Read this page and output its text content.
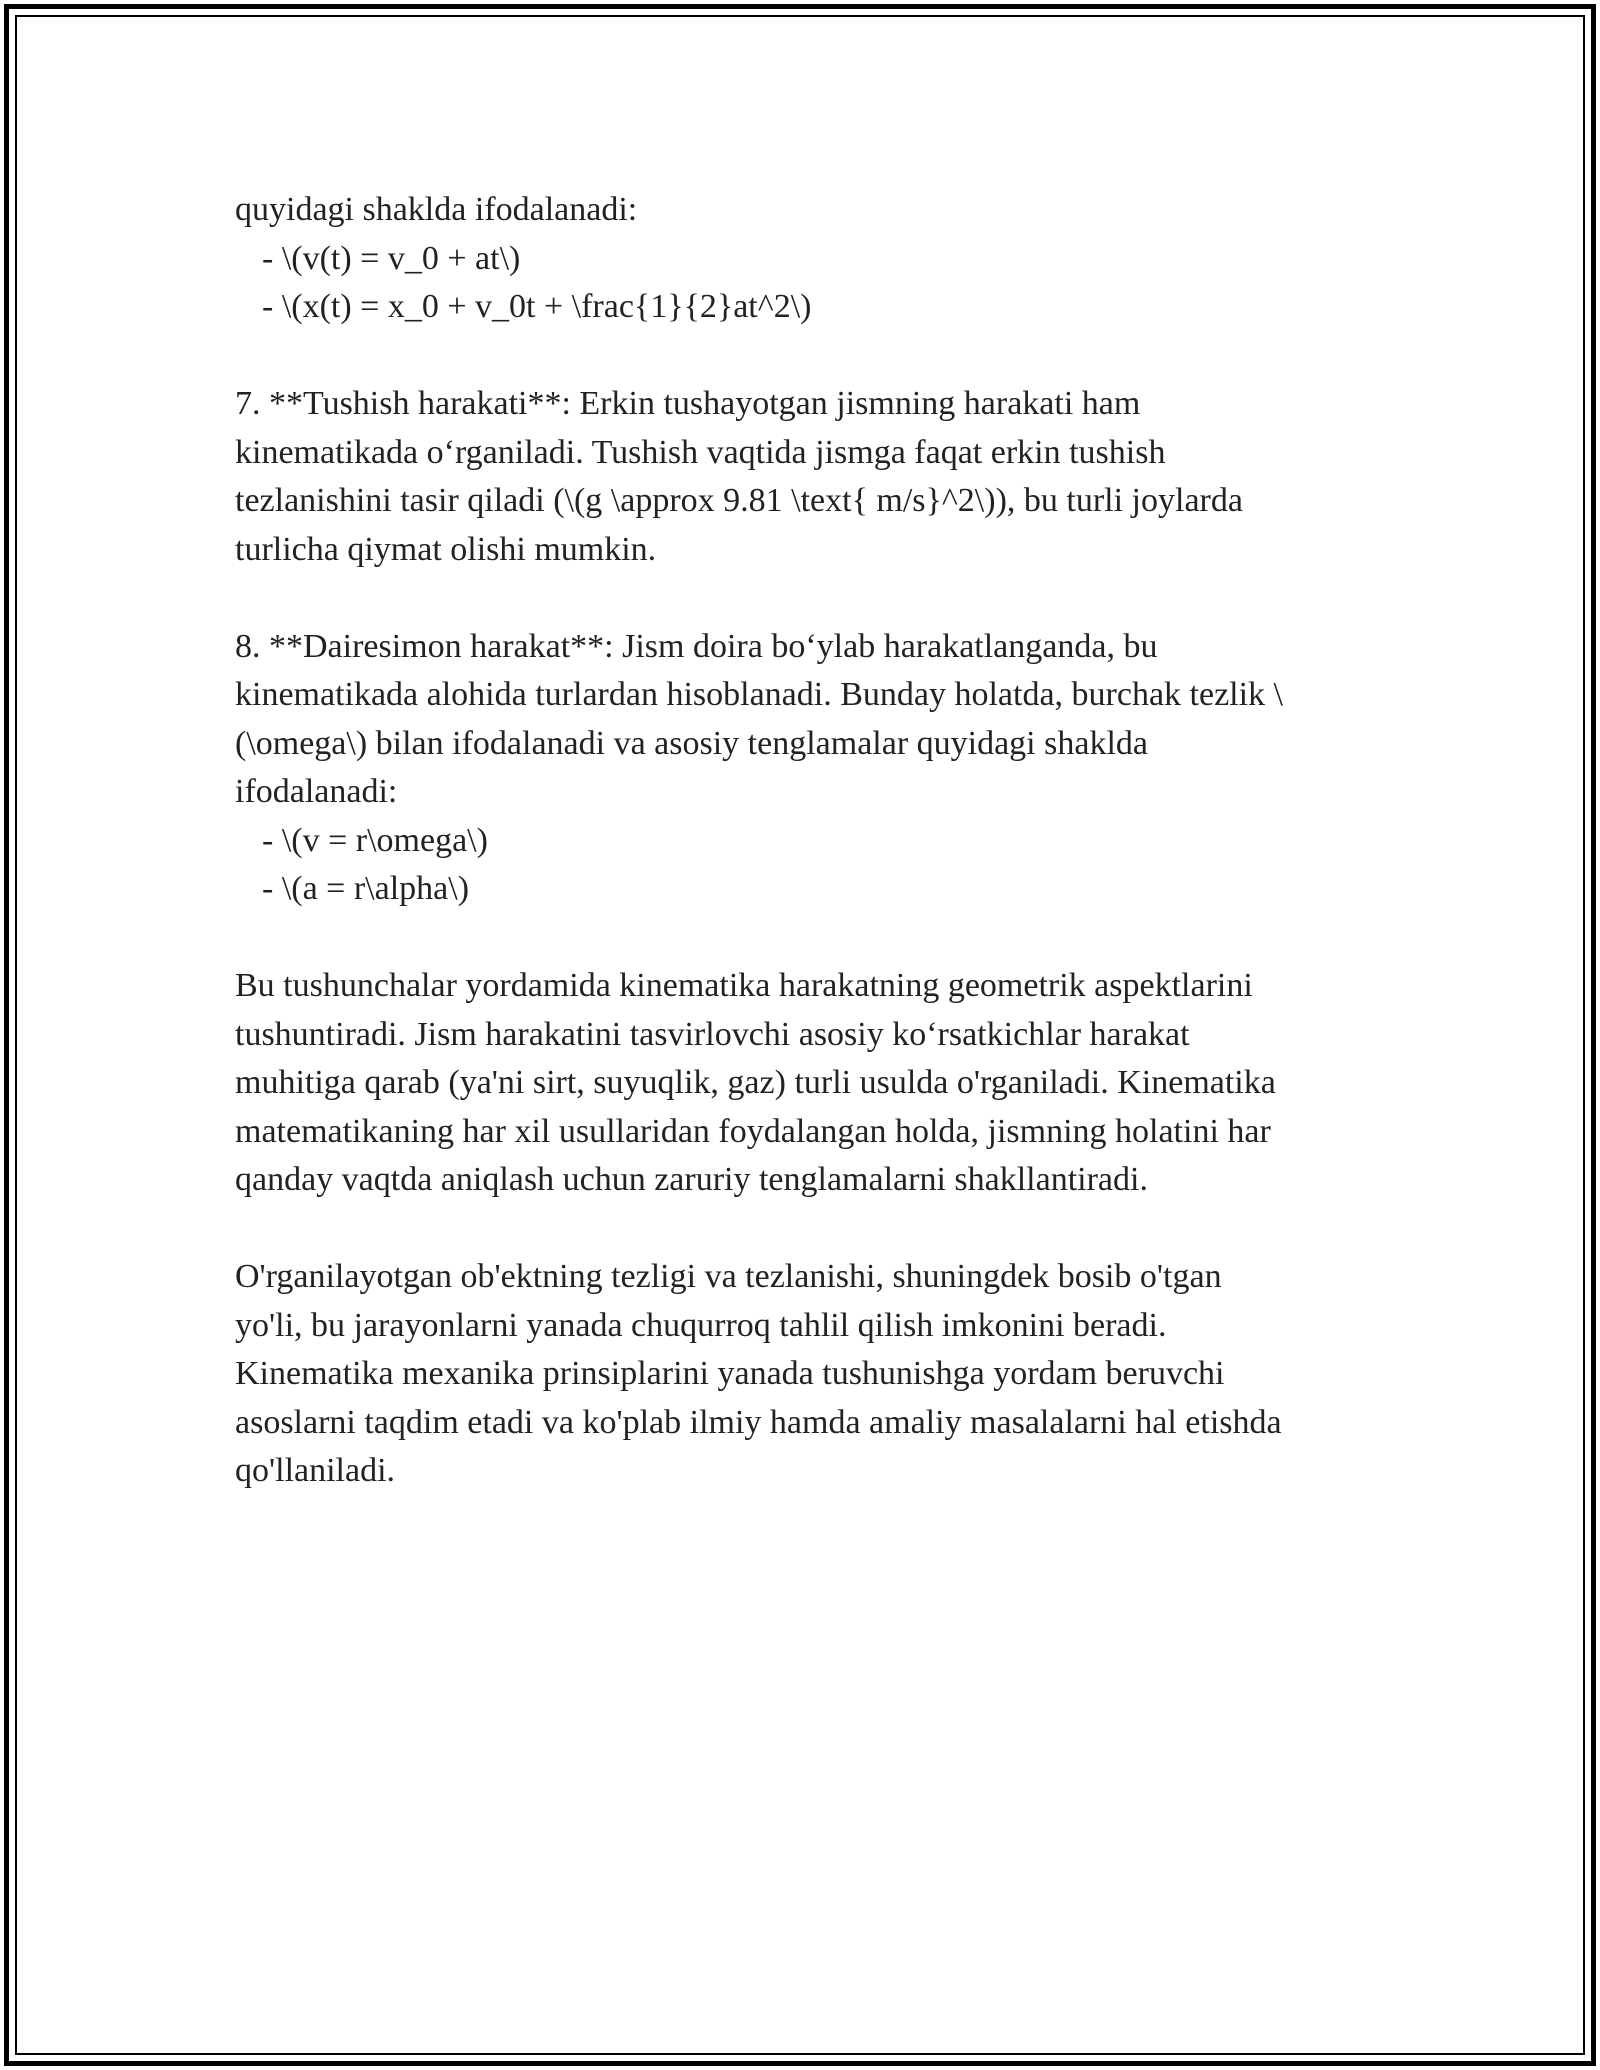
quyidagi shaklda ifodalanadi:
- \(v(t) = v_0 + at\)
- \(x(t) = x_0 + v_0t + \frac{1}{2}at^2\)
7. **Tushish harakati**: Erkin tushayotgan jismning harakati ham
kinematikada oʻrganiladi. Tushish vaqtida jismga faqat erkin tushish
tezlanishini tasir qiladi (\(g \approx 9.81 \text{ m/s}^2\)), bu turli joylarda
turlicha qiymat olishi mumkin.
8. **Dairesimon harakat**: Jism doira boʻylab harakatlanganda, bu
kinematikada alohida turlardan hisoblanadi. Bunday holatda, burchak tezlik \
(\omega\) bilan ifodalanadi va asosiy tenglamalar quyidagi shaklda
ifodalanadi:
- \(v = r\omega\)
- \(a = r\alpha\)
Bu tushunchalar yordamida kinematika harakatning geometrik aspektlarini
tushuntiradi. Jism harakatini tasvirlovchi asosiy koʻrsatkichlar harakat
muhitiga qarab (ya'ni sirt, suyuqlik, gaz) turli usulda o'rganiladi. Kinematika
matematikaning har xil usullaridan foydalangan holda, jismning holatini har
qanday vaqtda aniqlash uchun zaruriy tenglamalarni shakllantiradi.
O'rganilayotgan ob'ektning tezligi va tezlanishi, shuningdek bosib o'tgan
yo'li, bu jarayonlarni yanada chuqurroq tahlil qilish imkonini beradi.
Kinematika mexanika prinsiplarini yanada tushunishga yordam beruvchi
asoslarni taqdim etadi va ko'plab ilmiy hamda amaliy masalalarni hal etishda
qo'llaniladi.
